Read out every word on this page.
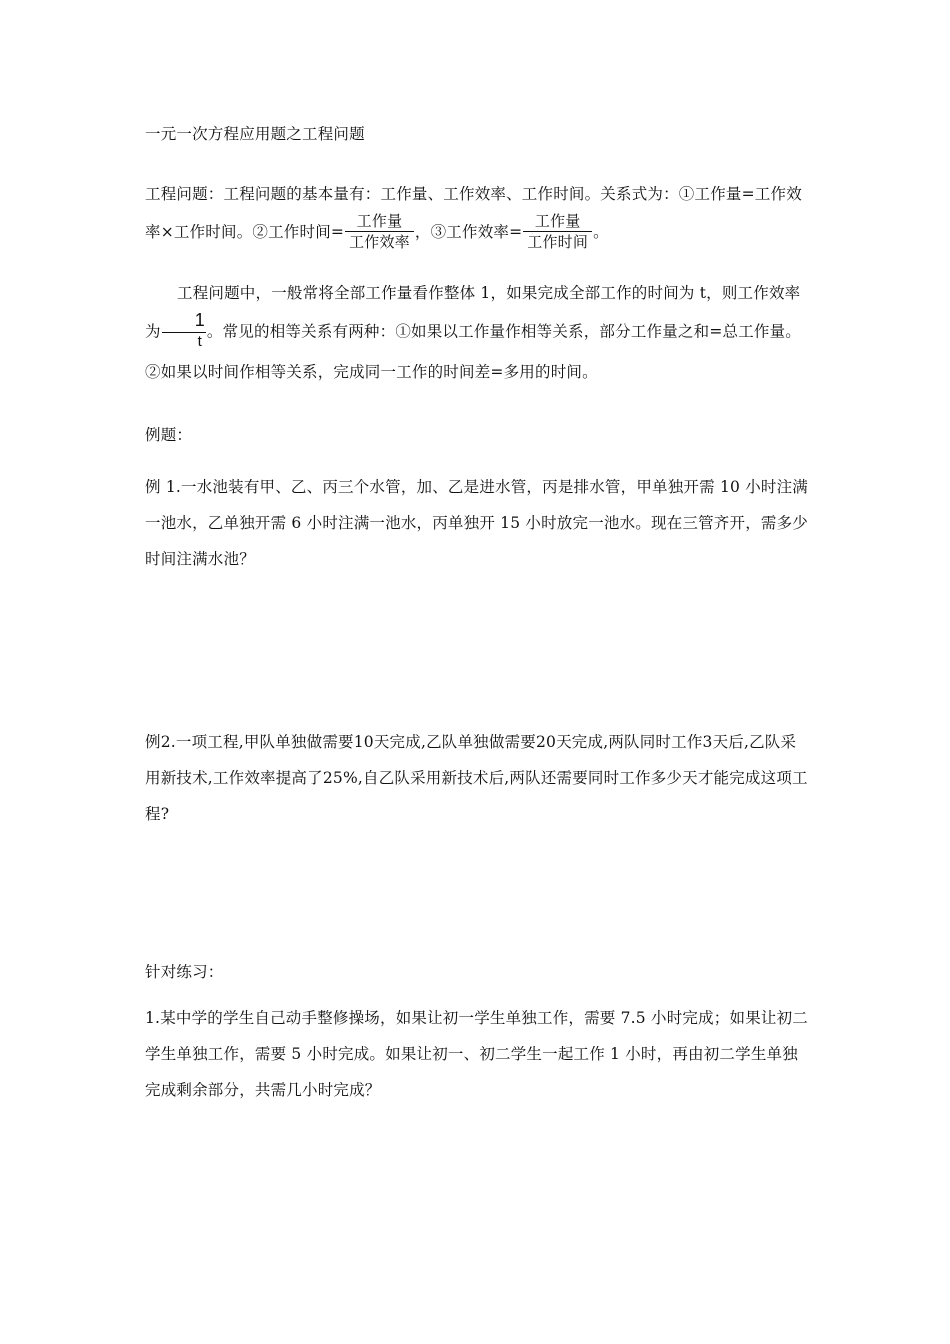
一元一次方程应用题之工程问题
工程问题：工程问题的基本量有：工作量、工作效率、工作时间。关系式为：①工作量=工作效率×工作时间。②工作时间= $\frac{\text{工作量}}{\text{工作效率}}$ ，③工作效率= $\frac{\text{工作量}}{\text{工作时间}}$ 。
工程问题中，一般常将全部工作量看作整体 1，如果完成全部工作的时间为 t，则工作效率为 $\frac{1}{t}$ 。常见的相等关系有两种：①如果以工作量作相等关系，部分工作量之和=总工作量。②如果以时间作相等关系，完成同一工作的时间差=多用的时间。
例题：
例 1.一水池装有甲、乙、丙三个水管，加、乙是进水管，丙是排水管，甲单独开需 10 小时注满一池水，乙单独开需 6 小时注满一池水，丙单独开 15 小时放完一池水。现在三管齐开，需多少时间注满水池？
例2.一项工程,甲队单独做需要10天完成,乙队单独做需要20天完成,两队同时工作3天后,乙队采用新技术,工作效率提高了25%,自乙队采用新技术后,两队还需要同时工作多少天才能完成这项工程?
针对练习：
1.某中学的学生自己动手整修操场，如果让初一学生单独工作，需要 7.5 小时完成；如果让初二学生单独工作，需要 5 小时完成。如果让初一、初二学生一起工作 1 小时，再由初二学生单独完成剩余部分，共需几小时完成？
